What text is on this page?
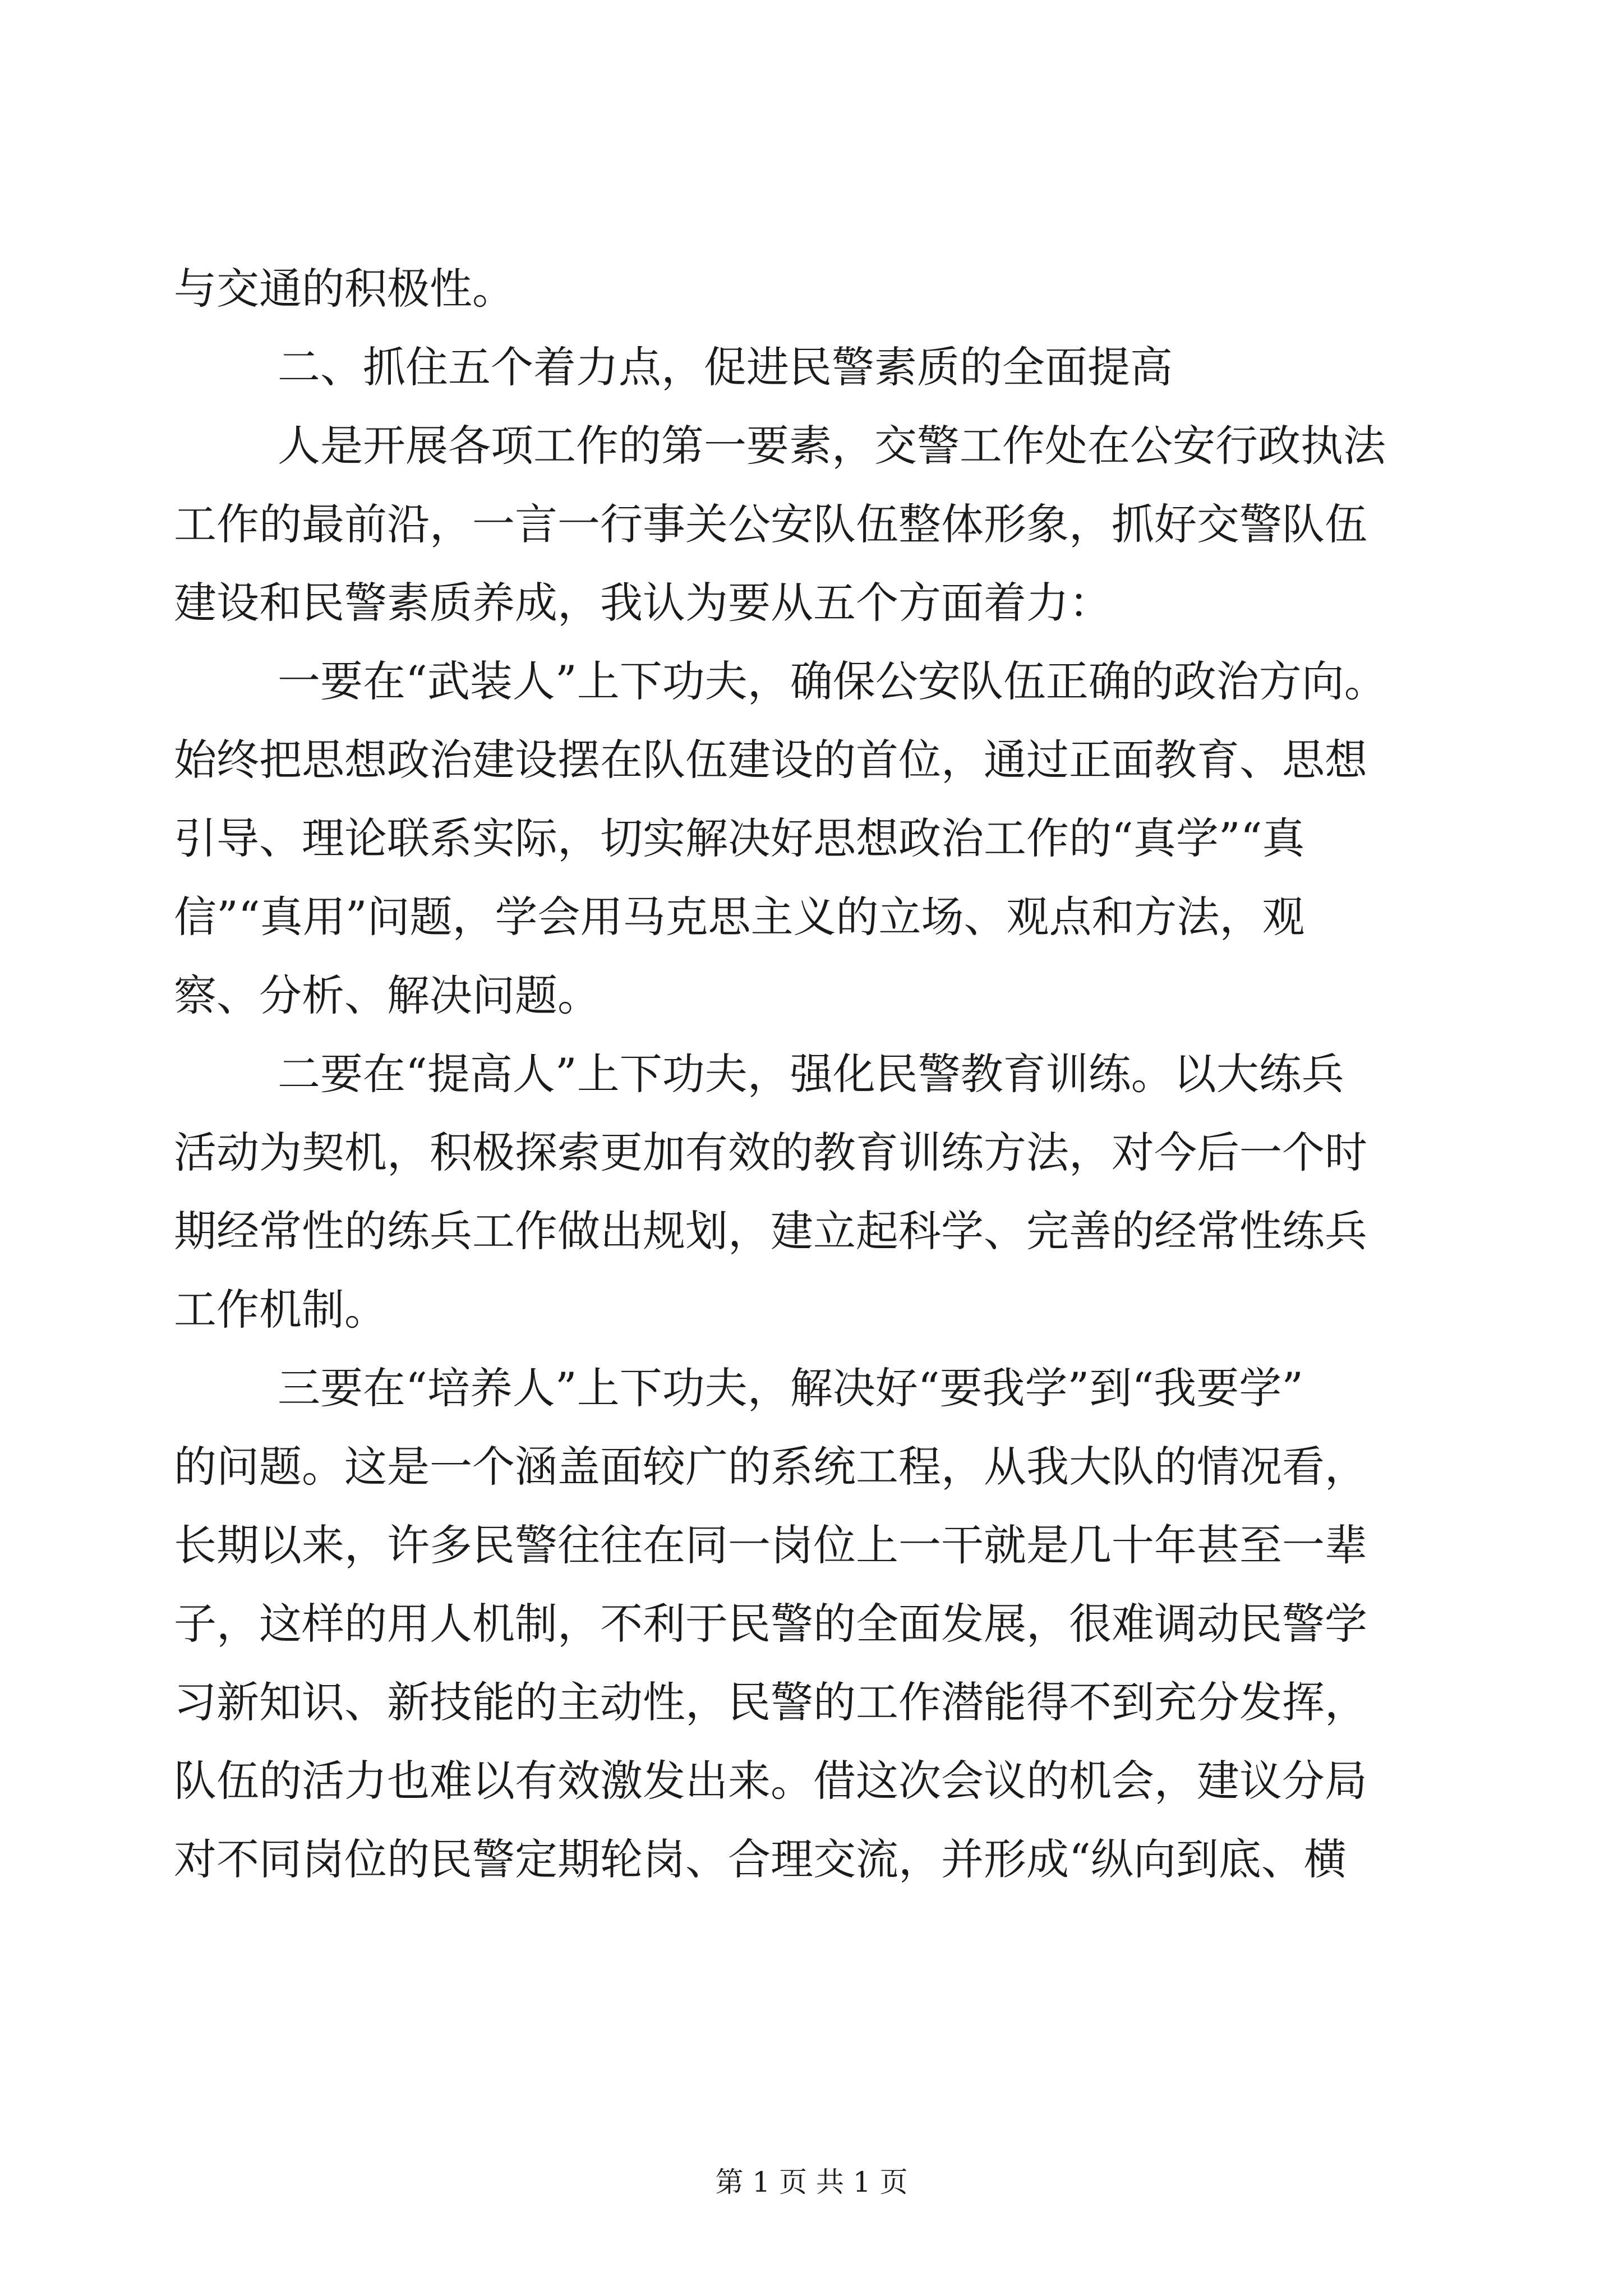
与交通的积极性。
二、抓住五个着力点，促进民警素质的全面提高
人是开展各项工作的第一要素，交警工作处在公安行政执法
工作的最前沿，一言一行事关公安队伍整体形象，抓好交警队伍
建设和民警素质养成，我认为要从五个方面着力：
一要在“武装人”上下功夫，确保公安队伍正确的政治方向。
始终把思想政治建设摆在队伍建设的首位，通过正面教育、思想
引导、理论联系实际，切实解决好思想政治工作的“真学”“真
信”“真用”问题，学会用马克思主义的立场、观点和方法，观
察、分析、解决问题。
二要在“提高人”上下功夫，强化民警教育训练。以大练兵
活动为契机，积极探索更加有效的教育训练方法，对今后一个时
期经常性的练兵工作做出规划，建立起科学、完善的经常性练兵
工作机制。
三要在“培养人”上下功夫，解决好“要我学”到“我要学”
的问题。这是一个涵盖面较广的系统工程，从我大队的情况看，
长期以来，许多民警往往在同一岗位上一干就是几十年甚至一辈
子，这样的用人机制，不利于民警的全面发展，很难调动民警学
习新知识、新技能的主动性，民警的工作潜能得不到充分发挥，
队伍的活力也难以有效激发出来。借这次会议的机会，建议分局
对不同岗位的民警定期轮岗、合理交流，并形成“纵向到底、横
第 1 页 共 1 页
